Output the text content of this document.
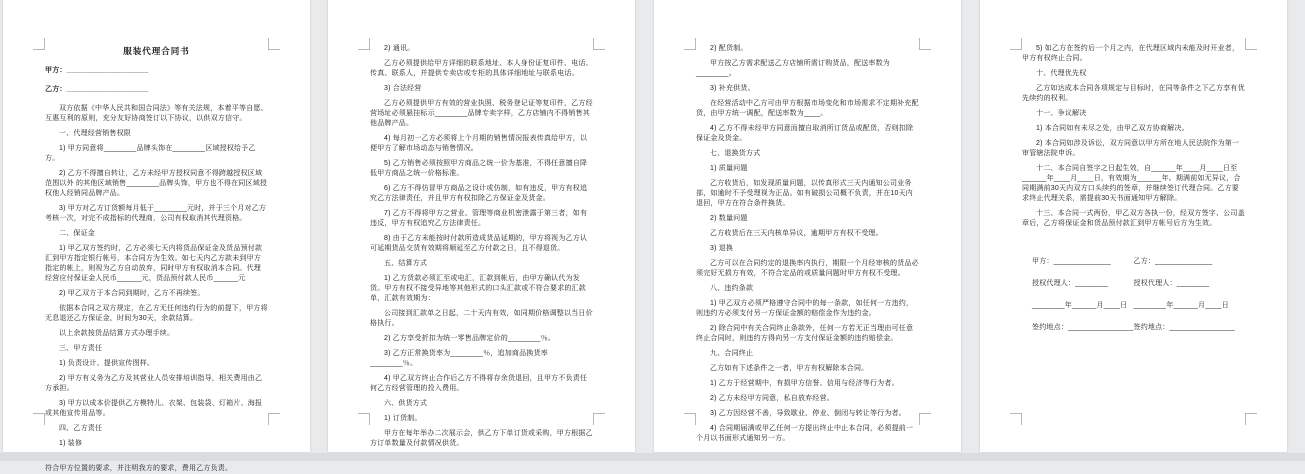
服装代理合同书
甲方：____________________
乙方：____________________
双方依据《中华人民共和国合同法》等有关法规，本着平等自愿、互惠互利的原则，充分友好协商签订以下协议，以供双方信守。
一、代理经营销售权限
1) 甲方同意将________品牌头饰在________区域授权给予乙方。
2) 乙方不得擅自转让，乙方未经甲方授权同意不得跨越授权区域范围以外 的其他区域销售________品牌头饰，甲方也不得在同区域授权他人经销同品牌产品。
3) 甲方对乙方订货额每月低于________元时，并于三个月对乙方考核一次，对完不成指标的代理商，公司有权取消其代理资格。
二、保证金
1) 甲乙双方签约时，乙方必须七天内将货品保证金及货品预付款汇到甲方指定银行帐号，本合同方为生效。如七天内乙方款未到甲方指定的帐上，则视为乙方自动放弃，同时甲方有权取消本合同。代理经营应付保证金人民币______元，货品预付款人民币______元
2) 甲乙双方于本合同到期时，乙方不再续签。
依据本合同之双方规定，在乙方无任何违约行为的前提下，甲方将无息退还乙方保证金，时间为30天，余款结算。
以上余款按货品结算方式办理手续。
三、甲方责任
1) 负责设计、提供宣传图样。
2) 甲方有义务为乙方及其营业人员安排培训指导，相关费用由乙方承担。
3) 甲方以成本价提供乙方模特儿、衣架、包装袋、灯箱片、海报或其他宣传用品等。
四、乙方责任
1) 装修
符合甲方位置的要求，并注明我方的要求，费用乙方负责。
2) 通讯。
乙方必须提供给甲方详细的联系地址、本人身份证复印件、电话、传真、联系人，并提供专卖店或专柜的具体详细地址与联系电话。
3) 合法经营
乙方必须提供甲方有效的营业执照、税务登记证等复印件，乙方经营场址必须悬挂标示________品牌专卖字样，乙方店铺内不得销售其他品牌产品。
4) 每月初一乙方必须将上个月期的销售情况报表传真给甲方，以便甲方了解市场动态与销售情况。
5) 乙方销售必须按照甲方商品之统一价为基准，不得任意擅自降低甲方商品之统一价格标准。
6) 乙方不得仿冒甲方商品之设计或仿制，如有违反，甲方有权追究乙方法律责任，并且甲方有权扣除乙方保证金及货金。
7) 乙方不得将甲方之营业、管理等商业机密泄露于第三者，如有违反，甲方有权追究乙方法律责任。
8) 由于乙方未能按时付款所造成货品延期的，甲方将视为乙方认可延期货品交货有效期将顺延至乙方付款之日，且不得退货。
五、结算方式
1) 乙方货款必须汇至或电汇，汇款到帐后，由甲方确认代为发货。甲方有权不接受异地等其他形式的口头汇款或不符合要求的汇款单，汇款有效期为：
公司接到汇款单之日起，二十天内有效，如同期价格调整以当日价格执行。
2) 乙方享受折扣为统一零售品牌定价的________％。
3) 乙方正常换货率为________％，追加商品换货率________％。
4) 甲乙双方终止合作后乙方不得将存余货退回，且甲方不负责任何乙方经营管理的投入费用。
六、供货方式
1) 订货制。
甲方在每年举办二次展示会，供乙方下单订货或采购，甲方根据乙方订单数量及付款情况供货。
2) 配货制。
甲方按乙方需求配送乙方店铺所需订购货品，配送率数为 ________。
3) 补充供货。
在经营活动中乙方可由甲方根据市场变化和市场需求不定期补充配货，由甲方统一调配，配送率数为____。
4) 乙方不得未经甲方同意而擅自取消所订货品或配货，否则扣除保证金及货金。
七、退换货方式
1) 质量问题
乙方收货后，如发现质量问题，以传真形式三天内通知公司业务部，如逾时不予受理视为正品。如有破损公司概不负责，并在10天内退回，甲方在符合条件换货。
2) 数量问题
乙方收货后在三天内核单异议，逾期甲方有权不受理。
3) 退换
乙方可以在合同约定的退换率内执行，期限一个月经审核的货品必须完好无损方有效，不符合定品的或质量问题时甲方有权不受理。
八、违约条款
1) 甲乙双方必须严格遵守合同中的每一条款，如任何一方违约，则违约方必须支付另一方保证金额的赔偿金作为违约金。
2) 除合同中有关合同终止条款外，任何一方若无正当理由可任意终止合同时，则违约方得向另一方支付保证金额的违约赔偿金。
九、合同终止
乙方如有下述条件之一者，甲方有权解除本合同。
1) 乙方于经营期中，有损甲方信誉、信用与经济等行为者。
2) 乙方未经甲方同意，私自放弃经营。
3) 乙方因经营不善，导致歇业、停业、倒闭与转让等行为者。
4) 合同期届满或甲乙任何一方提出终止中止本合同，必须提前一个月以书面形式通知另一方。
5) 如乙方在签约后一个月之内，在代理区域内未能及时开业者，甲方有权终止合同。
十、代理优先权
乙方如达成本合同各项规定与目标时，在同等条件之下乙方享有优先续约的权利。
十一、争议解决
1) 本合同如有未尽之处，由甲乙双方协商解决。
2) 本合同如涉及诉讼，双方同意以甲方所在地人民法院作为第一审管辖法院申诉。
十二、本合同自签字之日起生效，自______年____月____日至______年____月____日，有效期为______年。期满前如无异议，合同期满前30天内双方口头续约的签章，并继续签订代理合同。乙方要求终止代理关系，需提前30天书面通知甲方解除。
十三、本合同一式两份，甲乙双方各执一份，经双方签字、公司盖章后，乙方将保证金和货品预付款汇到甲方帐号后方为生效。
甲方：______________
授权代理人：________
________年______月____日
签约地点：________________
乙方：______________
授权代理人：________
________年______月____日
签约地点：________________
